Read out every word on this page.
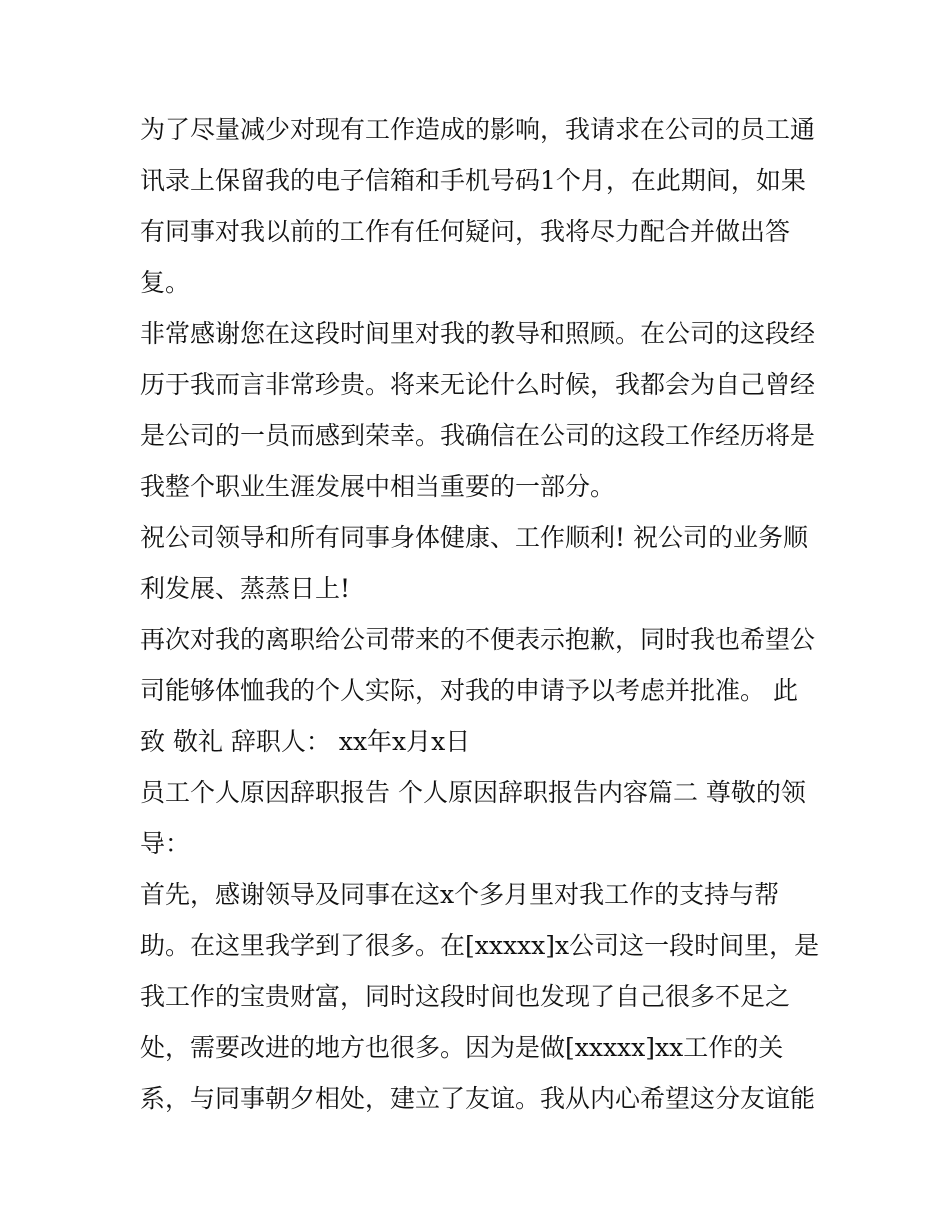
为了尽量减少对现有工作造成的影响，我请求在公司的员工通
讯录上保留我的电子信箱和手机号码1个月，在此期间，如果
有同事对我以前的工作有任何疑问，我将尽力配合并做出答
复。
非常感谢您在这段时间里对我的教导和照顾。在公司的这段经
历于我而言非常珍贵。将来无论什么时候，我都会为自己曾经
是公司的一员而感到荣幸。我确信在公司的这段工作经历将是
我整个职业生涯发展中相当重要的一部分。
祝公司领导和所有同事身体健康、工作顺利! 祝公司的业务顺
利发展、蒸蒸日上!
再次对我的离职给公司带来的不便表示抱歉，同时我也希望公
司能够体恤我的个人实际，对我的申请予以考虑并批准。 此
致 敬礼 辞职人： xx年x月x日
员工个人原因辞职报告 个人原因辞职报告内容篇二 尊敬的领
导：
首先，感谢领导及同事在这x个多月里对我工作的支持与帮
助。在这里我学到了很多。在[xxxxx]x公司这一段时间里，是
我工作的宝贵财富，同时这段时间也发现了自己很多不足之
处，需要改进的地方也很多。因为是做[xxxxx]xx工作的关
系，与同事朝夕相处，建立了友谊。我从内心希望这分友谊能
